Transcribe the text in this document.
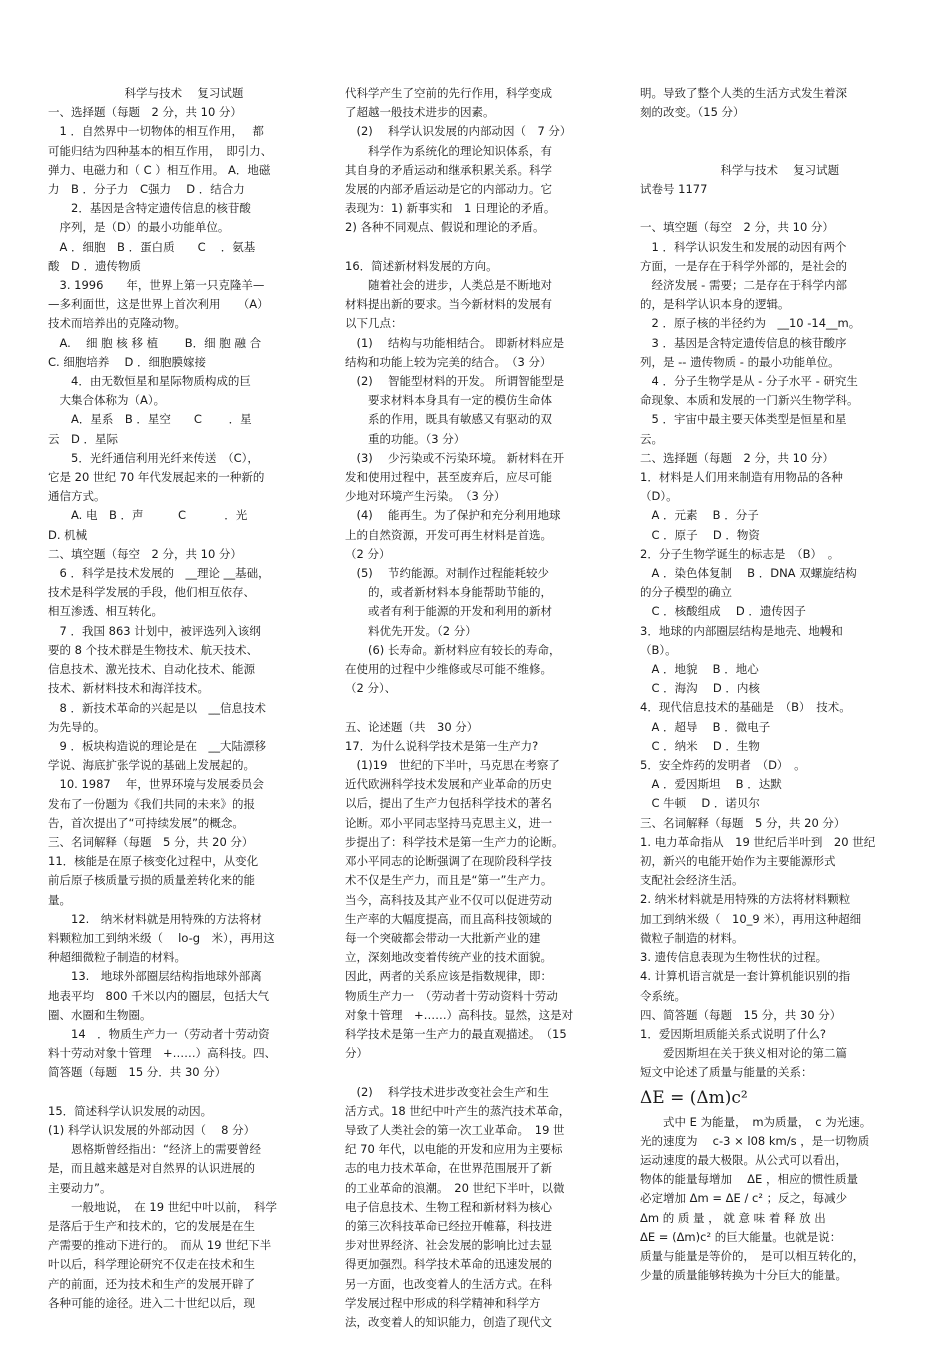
科学与技术　 复习试题
一、选择题（每题　2 分，共 10 分）
　1 ．自然界中一切物体的相互作用，　 都
可能归结为四种基本的相互作用，　即引力、
弹力、电磁力和（ C ）相互作用。 A．地磁
力　B ．分子力　C强力　 D ．结合力
　　2．基因是含特定遗传信息的核苷酸
　序列，是（D）的最小功能单位。
　A ．细胞　B ．蛋白质　　C　 ．氨基
酸　D ．遗传物质
　3. 1996　　年，世界上第一只克隆羊—
—多利面世，这是世界上首次利用　　（A）
技术而培养出的克隆动物。
　A.　 细 胞 核 移 植　　 B．细 胞 融 合
C. 细胞培养　 D ．细胞膜嫁接
　　4．由无数恒星和星际物质构成的巨
　大集合体称为（A）。
　　A．星系　B ．星空　　C　　 ．星
云　D ．星际
　　5．光纤通信利用光纤来传送　（C），
它是 20 世纪 70 年代发展起来的一种新的
通信方式。
　　A. 电　B ．声　　　C　　　 ．光
D. 机械
二、填空题（每空　2 分，共 10 分）
　6 ．科学是技术发展的　__理论 __基础，
技术是科学发展的手段，他们相互依存、
相互渗透、相互转化。
　7 ．我国 863 计划中，被评选列入该纲
要的 8 个技术群是生物技术、航天技术、
信息技术、激光技术、自动化技术、能源
技术、新材料技术和海洋技术。
　8 ．新技术革命的兴起是以　__信息技术
为先导的。
　9 ．板块构造说的理论是在　__大陆漂移
学说、海底扩张学说的基础上发展起的。
　10. 1987　 年，世界环境与发展委员会
发布了一份题为《我们共同的未来》的报
告，首次提出了“可持续发展”的概念。
三、名词解释（每题　5 分，共 20 分）
11．核能是在原子核变化过程中，从变化
前后原子核质量亏损的质量差转化来的能
量。
　　12.　纳米材料就是用特殊的方法将材
料颗粒加工到纳米级（　 lo-g　米），再用这
种超细微粒子制造的材料。
　　13.　地球外部圈层结构指地球外部离
地表平均　800 千米以内的圈层，包括大气
圈、水圈和生物圈。
　　14　．物质生产力一（劳动者十劳动资
料十劳动对象十管理　+……）高科技。四、
简答题（每题　15 分．共 30 分）
15．简述科学认识发展的动因。
(1) 科学认识发展的外部动因（　 8 分）
　　恩格斯曾经指出：“经济上的需要曾经
是，而且越来越是对自然界的认识进展的
主要动力”。
　　一般地说，　在 19 世纪中叶以前，　科学
是落后于生产和技术的，它的发展是在生
产需要的推动下进行的。　而从 19 世纪下半
叶以后，科学理论研究不仅走在技术和生
产的前面，还为技术和生产的发展开辟了
各种可能的途径。进入二十世纪以后，现
代科学产生了空前的先行作用，科学变成
了超越一般技术进步的因素。
　(2)　 科学认识发展的内部动因（　7 分）
　　科学作为系统化的理论知识体系，有
其自身的矛盾运动和继承积累关系。科学
发展的内部矛盾运动是它的内部动力。它
表现为：1) 新事实和　1 日理论的矛盾。
2) 各种不同观点、假说和理论的矛盾。
16．简述新材料发展的方向。
　　随着社会的进步，人类总是不断地对
材料提出新的要求。当今新材料的发展有
以下几点：
　(1)　 结构与功能相结合。 即新材料应是
结构和功能上较为完美的结合。　（3 分）
　(2)　 智能型材料的开发。 所谓智能型是
　　要求材料本身具有一定的模仿生命体
　　系的作用，既具有敏感又有驱动的双
　　重的功能。（3 分）
　(3)　 少污染或不污染环境。 新材料在开
发和使用过程中，甚至废弃后，应尽可能
少地对环境产生污染。　（3 分）
　(4)　 能再生。为了保护和充分利用地球
上的自然资源，开发可再生材料是首选。
（2 分）
　(5)　 节约能源。对制作过程能耗较少
　　的，或者新材料本身能帮助节能的，
　　或者有利于能源的开发和利用的新材
　　料优先开发。（2 分）
　　(6) 长寿命。新材料应有较长的寿命，
在使用的过程中少维修或尽可能不维修。
（2 分）、
五、论述题（共　30 分）
17．为什么说科学技术是第一生产力?
　(1)19　世纪的下半叶，马克思在考察了
近代欧洲科学技术发展和产业革命的历史
以后，提出了生产力包括科学技术的著名
论断。邓小平同志坚持马克思主义，进一
步提出了：科学技术是第一生产力的论断。
邓小平同志的论断强调了在现阶段科学技
术不仅是生产力，而且是“第一”生产力。
当今，高科技及其产业不仅可以促进劳动
生产率的大幅度提高，而且高科技领域的
每一个突破都会带动一大批新产业的建
立，深刻地改变着传统产业的技术面貌。
因此，两者的关系应该是指数规律，即：
物质生产力一　（劳动者十劳动资料十劳动
对象十管理　+……）高科技。显然，这是对
科学技术是第一生产力的最直观描述。　（15
分）
　(2)　 科学技术进步改变社会生产和生
活方式。18 世纪中叶产生的蒸汽技术革命，
导致了人类社会的第一次工业革命。　19 世
纪 70 年代，以电能的开发和应用为主要标
志的电力技术革命，在世界范围展开了新
的工业革命的浪潮。　20 世纪下半叶，以微
电子信息技术、生物工程和新材料为核心
的第三次科技革命已经拉开帷幕，科技进
步对世界经济、社会发展的影响比过去显
得更加强烈。科学技术革命的迅速发展的
另一方面，也改变着人的生活方式。在科
学发展过程中形成的科学精神和科学方
法，改变着人的知识能力，创造了现代文
明。导致了整个人类的生活方式发生着深
刻的改变。（15 分）
　　　　　　　科学与技术　 复习试题
试卷号 1177
一、填空题（每空　2 分，共 10 分）
　1 ．科学认识发生和发展的动因有两个
方面，一是存在于科学外部的，是社会的
　经济发展 - 需要；二是存在于科学内部
的，是科学认识本身的逻辑。
　2 ．原子核的半径约为　__10 -14__m。
　3 ．基因是含特定遗传信息的核苷酸序
列，是 -- 遗传物质 - 的最小功能单位。
　4 ．分子生物学是从 - 分子水平 - 研究生
命现象、本质和发展的一门新兴生物学科。
　5 ．宇宙中最主要天体类型是恒星和星
云。
二、选择题（每题　2 分，共 10 分）
1．材料是人们用来制造有用物品的各种
（D）。
　A ．元素　 B ．分子
　C ．原子　 D ．物资
2．分子生物学诞生的标志是　（B）　。
　A ．染色体复制　 B ．DNA 双螺旋结构
的分子模型的确立
　C ．核酸组成　 D ．遗传因子
3．地球的内部圈层结构是地壳、地幔和
（B）。
　A ．地貌　 B ．地心
　C ．海沟　 D ．内核
4．现代信息技术的基础是　（B）　技术。
　A ．超导　 B ．微电子
　C ．纳米　 D ．生物
5．安全炸药的发明者　（D）　。
　A ．爱因斯坦　 B ．达默
　C 牛顿　 D ．诺贝尔
三、名词解释（每题　5 分，共 20 分）
1. 电力革命指从　19 世纪后半叶到　20 世纪
初，新兴的电能开始作为主要能源形式
支配社会经济生活。
2. 纳米材料就是用特殊的方法将材料颗粒
加工到纳米级（　10_9 米），再用这种超细
微粒子制造的材料。
3. 遗传信息表现为生物性状的过程。
4. 计算机语言就是一套计算机能识别的指
令系统。
四、简答题（每题　15 分，共 30 分）
1．爱因斯坦质能关系式说明了什么?
　　爱因斯坦在关于狭义相对论的第二篇
短文中论述了质量与能量的关系：
ΔE = (Δm)c²
　　式中 E 为能量，　m为质量，　c 为光速。
光的速度为　 c-3 × l08 km/s ，是一切物质
运动速度的最大极限。从公式可以看出，
物体的能量每增加　 ΔE ，相应的惯性质量
必定增加 Δm = ΔE / c² ；反之，每减少
Δm 的 质 量 ， 就 意 味 着 释 放 出
ΔE = (Δm)c² 的巨大能量。也就是说：
质量与能量是等价的，　是可以相互转化的，
少量的质量能够转换为十分巨大的能量。
